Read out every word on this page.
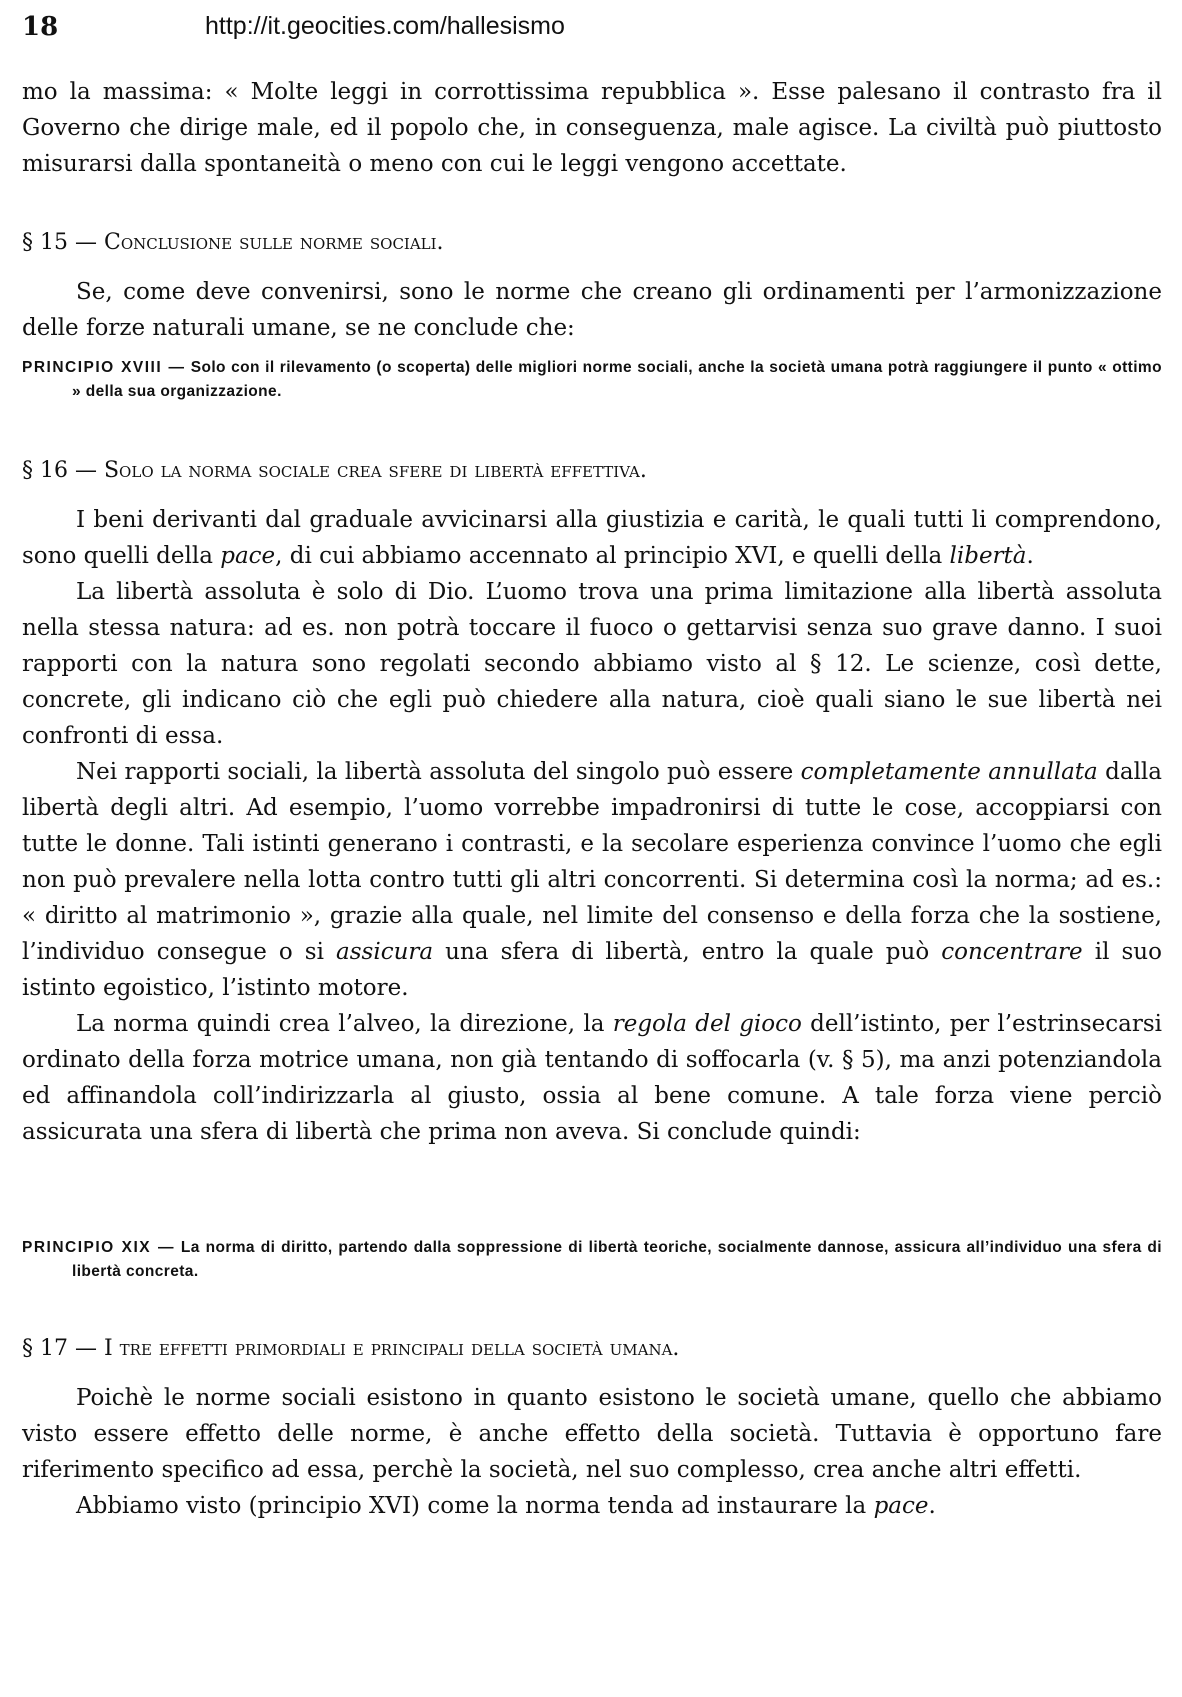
18	http://it.geocities.com/hallesismo

mo la massima: « Molte leggi in corrottissima repubblica ». Esse palesano il contrasto fra il Governo che dirige male, ed il popolo che, in conseguenza, male agisce. La civiltà può piuttosto misurarsi dalla spontaneità o meno con cui le leggi vengono accettate.

§ 15 — Conclusione sulle norme sociali.

Se, come deve convenirsi, sono le norme che creano gli ordinamenti per l’armonizzazione delle forze naturali umane, se ne conclude che:

PRINCIPIO XVIII — Solo con il rilevamento (o scoperta) delle migliori norme sociali, anche la società umana potrà raggiungere il punto « ottimo » della sua organizzazione.

§ 16 — Solo la norma sociale crea sfere di libertà effettiva.

I beni derivanti dal graduale avvicinarsi alla giustizia e carità, le quali tutti li comprendono, sono quelli della pace, di cui abbiamo accennato al principio XVI, e quelli della libertà.

La libertà assoluta è solo di Dio. L’uomo trova una prima limitazione alla libertà assoluta nella stessa natura: ad es. non potrà toccare il fuoco o gettarvisi senza suo grave danno. I suoi rapporti con la natura sono regolati secondo abbiamo visto al § 12. Le scienze, così dette, concrete, gli indicano ciò che egli può chiedere alla natura, cioè quali siano le sue libertà nei confronti di essa.

Nei rapporti sociali, la libertà assoluta del singolo può essere completamente annullata dalla libertà degli altri. Ad esempio, l’uomo vorrebbe impadronirsi di tutte le cose, accoppiarsi con tutte le donne. Tali istinti generano i contrasti, e la secolare esperienza convince l’uomo che egli non può prevalere nella lotta contro tutti gli altri concorrenti. Si determina così la norma; ad es.: « diritto al matrimonio », grazie alla quale, nel limite del consenso e della forza che la sostiene, l’individuo consegue o si assicura una sfera di libertà, entro la quale può concentrare il suo istinto egoistico, l’istinto motore.

La norma quindi crea l’alveo, la direzione, la regola del gioco dell’istinto, per l’estrinsecarsi ordinato della forza motrice umana, non già tentando di soffocarla (v. § 5), ma anzi potenziandola ed affinandola coll’indirizzarla al giusto, ossia al bene comune. A tale forza viene perciò assicurata una sfera di libertà che prima non aveva. Si conclude quindi:

PRINCIPIO XIX — La norma di diritto, partendo dalla soppressione di libertà teoriche, socialmente dannose, assicura all’individuo una sfera di libertà concreta.

§ 17 — I tre effetti primordiali e principali della società umana.

Poichè le norme sociali esistono in quanto esistono le società umane, quello che abbiamo visto essere effetto delle norme, è anche effetto della società. Tuttavia è opportuno fare riferimento specifico ad essa, perchè la società, nel suo complesso, crea anche altri effetti.

Abbiamo visto (principio XVI) come la norma tenda ad instaurare la pace.
